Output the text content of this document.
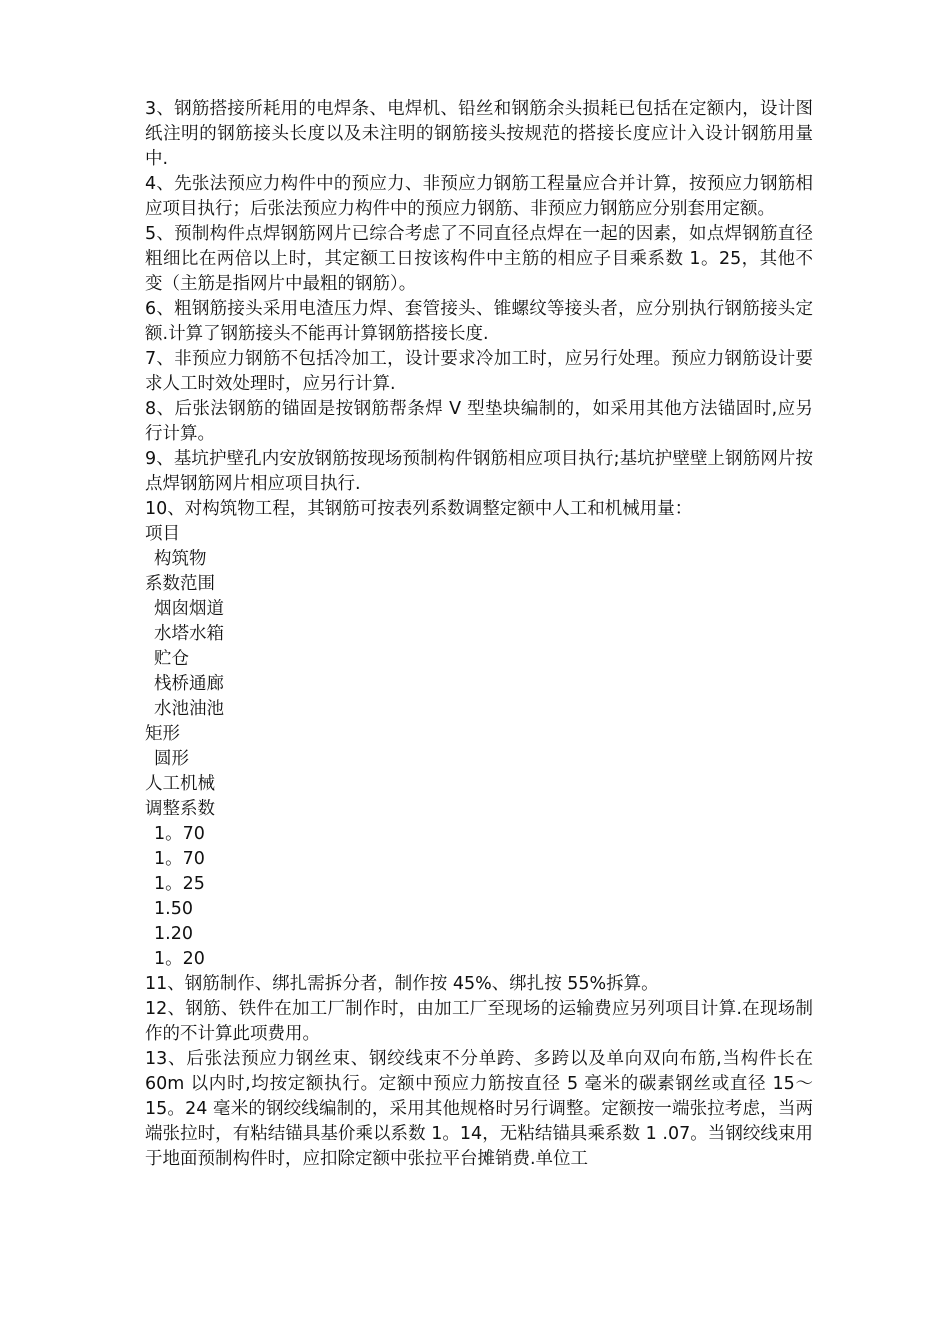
3、钢筋搭接所耗用的电焊条、电焊机、铅丝和钢筋余头损耗已包括在定额内，设计图纸注明的钢筋接头长度以及未注明的钢筋接头按规范的搭接长度应计入设计钢筋用量中.

4、先张法预应力构件中的预应力、非预应力钢筋工程量应合并计算，按预应力钢筋相应项目执行；后张法预应力构件中的预应力钢筋、非预应力钢筋应分别套用定额。

5、预制构件点焊钢筋网片已综合考虑了不同直径点焊在一起的因素，如点焊钢筋直径粗细比在两倍以上时，其定额工日按该构件中主筋的相应子目乘系数 1。25，其他不变（主筋是指网片中最粗的钢筋）。

6、粗钢筋接头采用电渣压力焊、套管接头、锥螺纹等接头者，应分别执行钢筋接头定额.计算了钢筋接头不能再计算钢筋搭接长度.

7、非预应力钢筋不包括冷加工，设计要求冷加工时，应另行处理。预应力钢筋设计要求人工时效处理时，应另行计算.

8、后张法钢筋的锚固是按钢筋帮条焊 V 型垫块编制的，如采用其他方法锚固时,应另行计算。

9、基坑护壁孔内安放钢筋按现场预制构件钢筋相应项目执行;基坑护壁壁上钢筋网片按点焊钢筋网片相应项目执行.

10、对构筑物工程，其钢筋可按表列系数调整定额中人工和机械用量：

项目

构筑物

系数范围

烟囱烟道

水塔水箱

贮仓

栈桥通廊

水池油池

矩形

圆形

人工机械

调整系数

1。70

1。70

1。25

1.50

1.20

1。20

11、钢筋制作、绑扎需拆分者，制作按 45%、绑扎按 55%拆算。

12、钢筋、铁件在加工厂制作时，由加工厂至现场的运输费应另列项目计算.在现场制作的不计算此项费用。

13、后张法预应力钢丝束、钢绞线束不分单跨、多跨以及单向双向布筋,当构件长在 60m 以内时,均按定额执行。定额中预应力筋按直径 5 毫米的碳素钢丝或直径 15～15。24 毫米的钢绞线编制的，采用其他规格时另行调整。定额按一端张拉考虑，当两端张拉时，有粘结锚具基价乘以系数 1。14，无粘结锚具乘系数 1 .07。当钢绞线束用于地面预制构件时，应扣除定额中张拉平台摊销费.单位工
